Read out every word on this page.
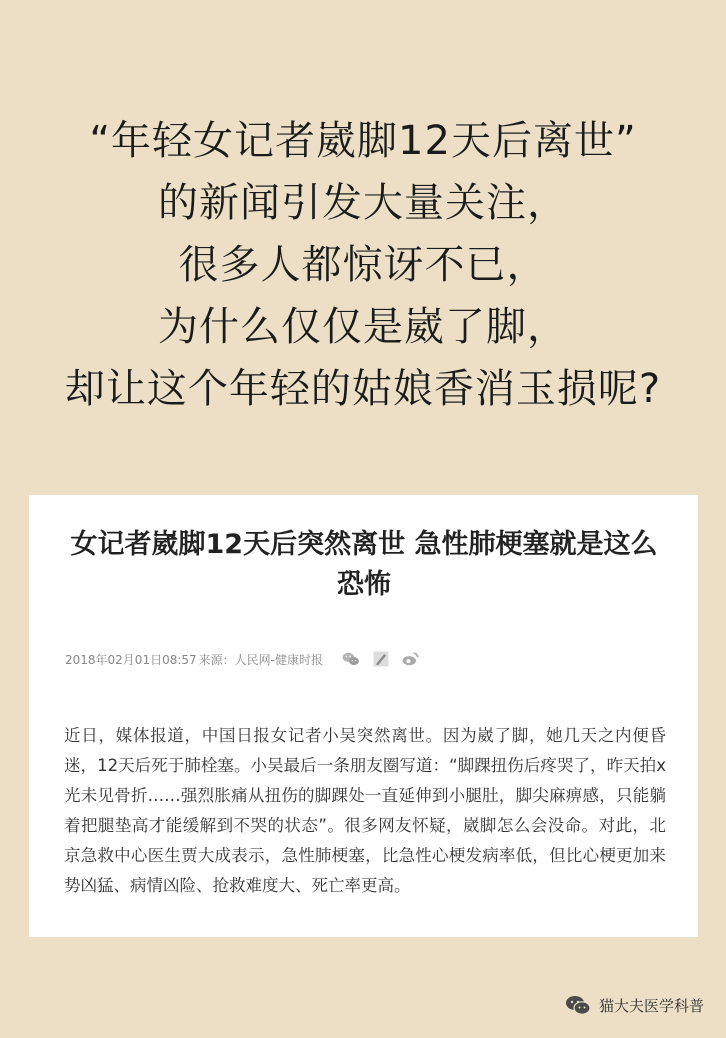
“年轻女记者崴脚12天后离世”
的新闻引发大量关注，
很多人都惊讶不已，
为什么仅仅是崴了脚，
却让这个年轻的姑娘香消玉损呢?
女记者崴脚12天后突然离世 急性肺梗塞就是这么恐怖
2018年02月01日08:57 来源：人民网-健康时报
近日，媒体报道，中国日报女记者小吴突然离世。因为崴了脚，她几天之内便昏迷，12天后死于肺栓塞。小吴最后一条朋友圈写道：“脚踝扭伤后疼哭了，昨天拍x光未见骨折……强烈胀痛从扭伤的脚踝处一直延伸到小腿肚，脚尖麻痹感，只能躺着把腿垫高才能缓解到不哭的状态”。很多网友怀疑，崴脚怎么会没命。对此，北京急救中心医生贾大成表示，急性肺梗塞，比急性心梗发病率低，但比心梗更加来势凶猛、病情凶险、抢救难度大、死亡率更高。
猫大夫医学科普
